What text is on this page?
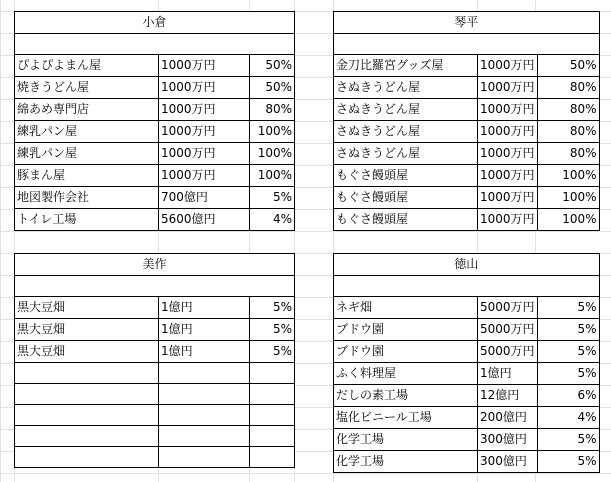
小倉		

ぴよぴよまん屋	1000万円	50%
焼きうどん屋	1000万円	50%
綿あめ専門店	1000万円	80%
練乳パン屋	1000万円	100%
練乳パン屋	1000万円	100%
豚まん屋	1000万円	100%
地図製作会社	700億円	5%
トイレ工場	5600億円	4%
琴平		

金刀比羅宮グッズ屋	1000万円	50%
さぬきうどん屋	1000万円	80%
さぬきうどん屋	1000万円	80%
さぬきうどん屋	1000万円	80%
さぬきうどん屋	1000万円	80%
もぐさ饅頭屋	1000万円	100%
もぐさ饅頭屋	1000万円	100%
もぐさ饅頭屋	1000万円	100%
美作		

黒大豆畑	1億円	5%
黒大豆畑	1億円	5%
黒大豆畑	1億円	5%

徳山		

ネギ畑	5000万円	5%
ブドウ園	5000万円	5%
ブドウ園	5000万円	5%
ふく料理屋	1億円	5%
だしの素工場	12億円	6%
塩化ビニール工場	200億円	4%
化学工場	300億円	5%
化学工場	300億円	5%
